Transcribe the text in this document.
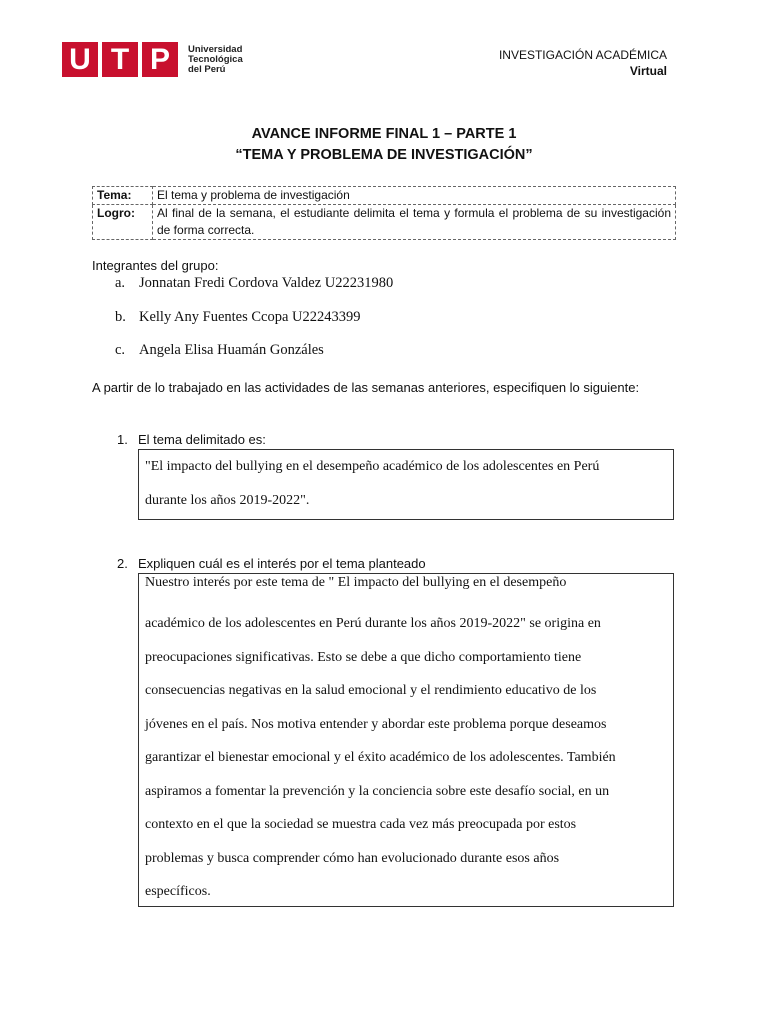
U T P	Universidad
Tecnológica
del Perú
INVESTIGACIÓN ACADÉMICA
Virtual
AVANCE INFORME FINAL 1 – PARTE 1
“TEMA Y PROBLEMA DE INVESTIGACIÓN”
Tema:	El tema y problema de investigación
Logro:	Al final de la semana, el estudiante delimita el tema y formula el problema de su investigación de forma correcta.
Integrantes del grupo:
a. Jonnatan Fredi Cordova Valdez U22231980
b. Kelly Any Fuentes Ccopa U22243399
c. Angela Elisa Huamán Gonzáles
A partir de lo trabajado en las actividades de las semanas anteriores, especifiquen lo siguiente:
1. El tema delimitado es:

"El impacto del bullying en el desempeño académico de los adolescentes en Perú

durante los años 2019-2022".

2. Expliquen cuál es el interés por el tema planteado

Nuestro interés por este tema de " El impacto del bullying en el desempeño

académico de los adolescentes en Perú durante los años 2019-2022" se origina en

preocupaciones significativas. Esto se debe a que dicho comportamiento tiene

consecuencias negativas en la salud emocional y el rendimiento educativo de los

jóvenes en el país. Nos motiva entender y abordar este problema porque deseamos

garantizar el bienestar emocional y el éxito académico de los adolescentes. También

aspiramos a fomentar la prevención y la conciencia sobre este desafío social, en un

contexto en el que la sociedad se muestra cada vez más preocupada por estos

problemas y busca comprender cómo han evolucionado durante esos años

específicos.
